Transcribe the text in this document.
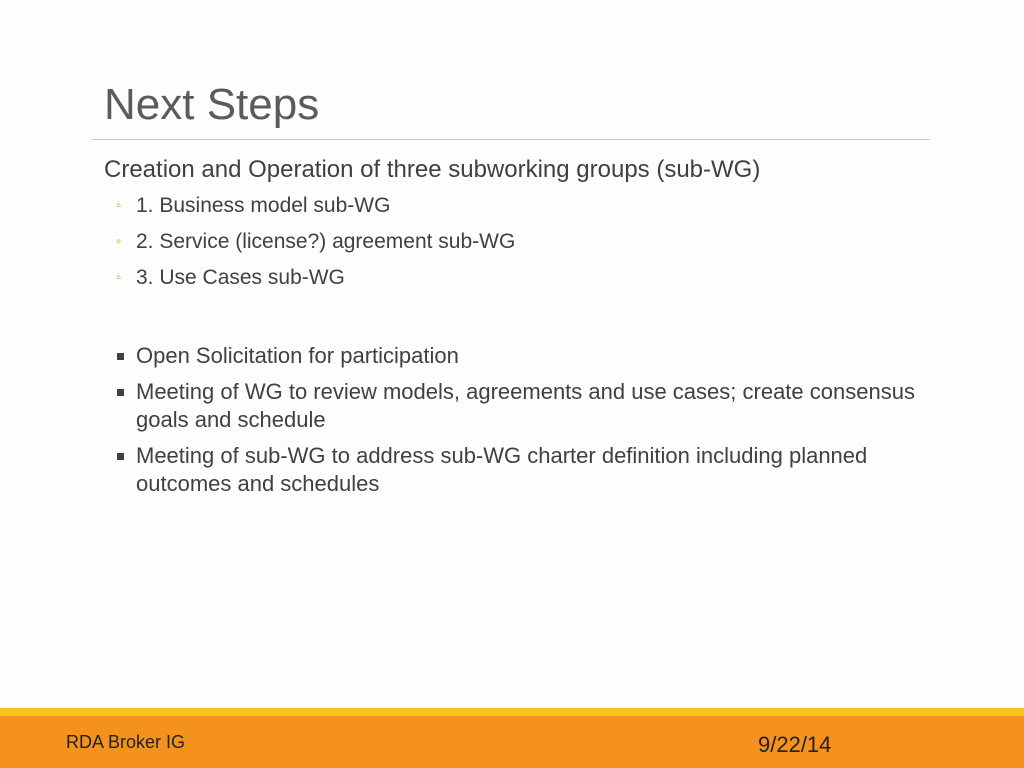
Next Steps

Creation and Operation of three subworking groups (sub-WG)

◦ 1. Business model sub-WG
◦ 2. Service (license?) agreement sub-WG
◦ 3. Use Cases sub-WG
Open Solicitation for participation
Meeting of WG to review models, agreements and use cases; create consensus goals and schedule
Meeting of sub-WG to address sub-WG charter definition including planned outcomes and schedules
RDA Broker IG	9/22/14
